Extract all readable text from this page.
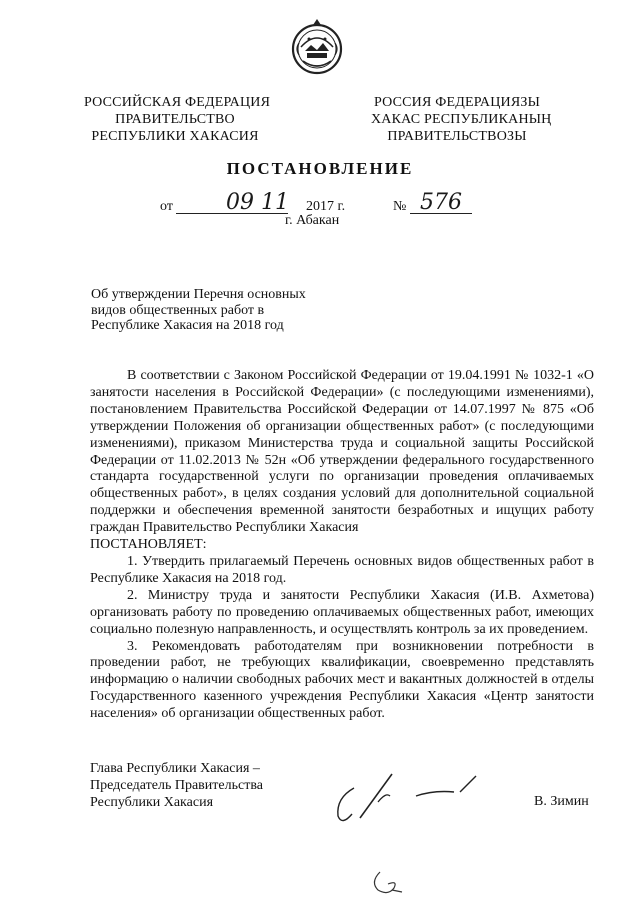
РОССИЙСКАЯ ФЕДЕРАЦИЯ
ПРАВИТЕЛЬСТВО
РЕСПУБЛИКИ ХАКАСИЯ
РОССИЯ ФЕДЕРАЦИЯЗЫ
ХАКАС РЕСПУБЛИКАНЫҢ
ПРАВИТЕЛЬСТВОЗЫ
ПОСТАНОВЛЕНИЕ
от 09 11 2017 г.	№ 576
г. Абакан
Об утверждении Перечня основных
видов общественных работ в
Республике Хакасия на 2018 год

В соответствии с Законом Российской Федерации от 19.04.1991 № 1032-1 «О занятости населения в Российской Федерации» (с последующими изменениями), постановлением Правительства Российской Федерации от 14.07.1997 № 875 «Об утверждении Положения об организации общественных работ» (с последующими изменениями), приказом Министерства труда и социальной защиты Российской Федерации от 11.02.2013 № 52н «Об утверждении федерального государственного стандарта государственной услуги по организации проведения оплачиваемых общественных работ», в целях создания условий для дополнительной социальной поддержки и обеспечения временной занятости безработных и ищущих работу граждан Правительство Республики Хакасия

ПОСТАНОВЛЯЕТ:

1. Утвердить прилагаемый Перечень основных видов общественных работ в Республике Хакасия на 2018 год.

2. Министру труда и занятости Республики Хакасия (И.В. Ахметова) организовать работу по проведению оплачиваемых общественных работ, имеющих социально полезную направленность, и осуществлять контроль за их проведением.

3. Рекомендовать работодателям при возникновении потребности в проведении работ, не требующих квалификации, своевременно представлять информацию о наличии свободных рабочих мест и вакантных должностей в отделы Государственного казенного учреждения Республики Хакасия «Центр занятости населения» об организации общественных работ.

Глава Республики Хакасия –
Председатель Правительства
Республики Хакасия	В. Зимин
